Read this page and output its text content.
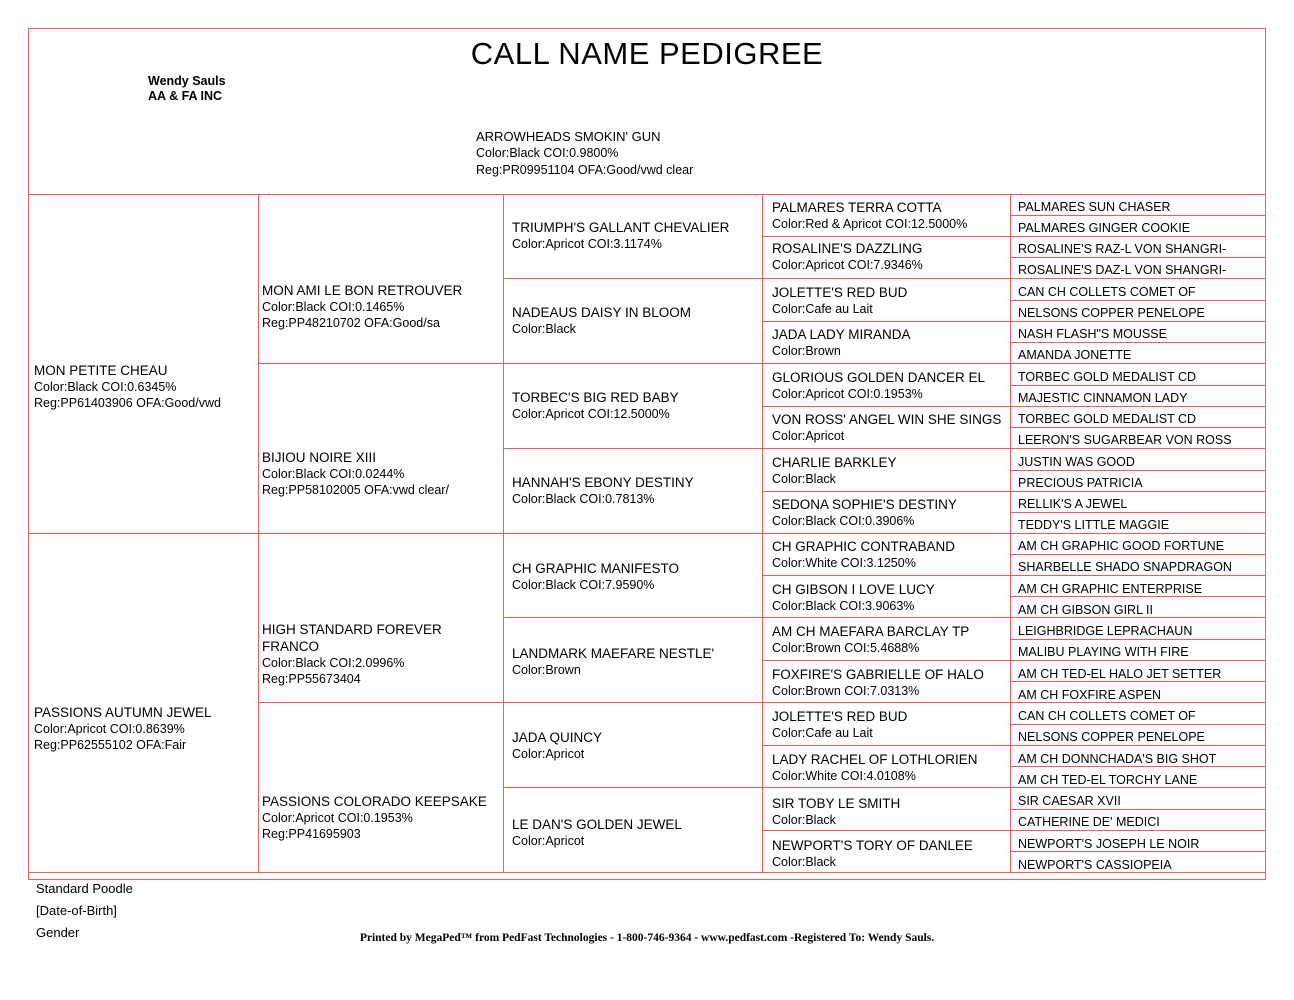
CALL NAME PEDIGREE
Wendy Sauls
AA & FA INC
ARROWHEADS SMOKIN' GUN
Color:Black COI:0.9800%
Reg:PR09951104 OFA:Good/vwd clear
MON PETITE CHEAU
Color:Black COI:0.6345%
Reg:PP61403906 OFA:Good/vwd
PASSIONS AUTUMN JEWEL
Color:Apricot COI:0.8639%
Reg:PP62555102 OFA:Fair
MON AMI LE BON RETROUVER
Color:Black COI:0.1465%
Reg:PP48210702 OFA:Good/sa
BIJIOU NOIRE XIII
Color:Black COI:0.0244%
Reg:PP58102005 OFA:vwd clear/
HIGH STANDARD FOREVER FRANCO
Color:Black COI:2.0996%
Reg:PP55673404
PASSIONS COLORADO KEEPSAKE
Color:Apricot COI:0.1953%
Reg:PP41695903
TRIUMPH'S GALLANT CHEVALIER
Color:Apricot COI:3.1174%
NADEAUS DAISY IN BLOOM
Color:Black
TORBEC'S BIG RED BABY
Color:Apricot COI:12.5000%
HANNAH'S EBONY DESTINY
Color:Black COI:0.7813%
CH GRAPHIC MANIFESTO
Color:Black COI:7.9590%
LANDMARK MAEFARE NESTLE'
Color:Brown
JADA QUINCY
Color:Apricot
LE DAN'S GOLDEN JEWEL
Color:Apricot
PALMARES TERRA COTTA
Color:Red & Apricot COI:12.5000%
ROSALINE'S DAZZLING
Color:Apricot COI:7.9346%
JOLETTE'S RED BUD
Color:Cafe au Lait
JADA LADY MIRANDA
Color:Brown
GLORIOUS GOLDEN DANCER EL
Color:Apricot COI:0.1953%
VON ROSS' ANGEL WIN SHE SINGS
Color:Apricot
CHARLIE BARKLEY
Color:Black
SEDONA SOPHIE'S DESTINY
Color:Black COI:0.3906%
CH GRAPHIC CONTRABAND
Color:White COI:3.1250%
CH GIBSON I LOVE LUCY
Color:Black COI:3.9063%
AM CH MAEFARA BARCLAY TP
Color:Brown COI:5.4688%
FOXFIRE'S GABRIELLE OF HALO
Color:Brown COI:7.0313%
JOLETTE'S RED BUD
Color:Cafe au Lait
LADY RACHEL OF LOTHLORIEN
Color:White COI:4.0108%
SIR TOBY LE SMITH
Color:Black
NEWPORT'S TORY OF DANLEE
Color:Black
PALMARES SUN CHASER
PALMARES GINGER COOKIE
ROSALINE'S RAZ-L VON SHANGRI-
ROSALINE'S DAZ-L VON SHANGRI-
CAN CH COLLETS COMET OF
NELSONS COPPER PENELOPE
NASH FLASH"S MOUSSE
AMANDA JONETTE
TORBEC GOLD MEDALIST CD
MAJESTIC CINNAMON LADY
TORBEC GOLD MEDALIST CD
LEERON'S SUGARBEAR VON ROSS
JUSTIN WAS GOOD
PRECIOUS PATRICIA
RELLIK'S A JEWEL
TEDDY'S LITTLE MAGGIE
AM CH GRAPHIC GOOD FORTUNE
SHARBELLE SHADO SNAPDRAGON
AM CH GRAPHIC ENTERPRISE
AM CH GIBSON GIRL II
LEIGHBRIDGE LEPRACHAUN
MALIBU PLAYING WITH FIRE
AM CH TED-EL HALO JET SETTER
AM CH FOXFIRE ASPEN
CAN CH COLLETS COMET OF
NELSONS COPPER PENELOPE
AM CH DONNCHADA'S BIG SHOT
AM CH TED-EL TORCHY LANE
SIR CAESAR XVII
CATHERINE DE' MEDICI
NEWPORT'S JOSEPH LE NOIR
NEWPORT'S CASSIOPEIA
Standard Poodle
[Date-of-Birth]
Gender	Printed by MegaPed™ from PedFast Technologies - 1-800-746-9364 - www.pedfast.com -Registered To: Wendy Sauls.
